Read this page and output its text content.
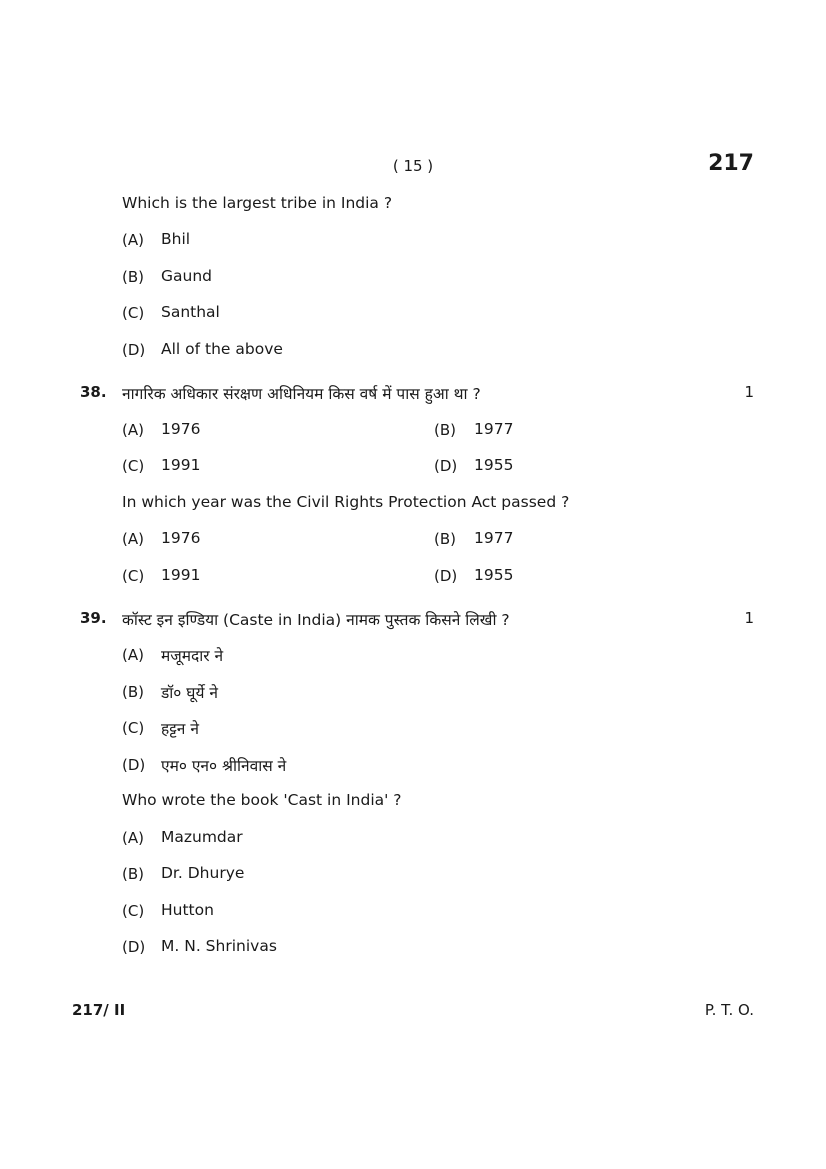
( 15 )	217
Which is the largest tribe in India ?
(A) Bhil
(B) Gaund
(C) Santhal
(D) All of the above
38. नागरिक अधिकार संरक्षण अधिनियम किस वर्ष में पास हुआ था ?	1
(A) 1976	(B) 1977
(C) 1991	(D) 1955
In which year was the Civil Rights Protection Act passed ?
(A) 1976	(B) 1977
(C) 1991	(D) 1955
39. कॉस्ट इन इण्डिया (Caste in India) नामक पुस्तक किसने लिखी ?	1
(A) मजूमदार ने
(B) डॉ० घूर्ये ने
(C) हट्टन ने
(D) एम० एन० श्रीनिवास ने
Who wrote the book 'Cast in India' ?
(A) Mazumdar
(B) Dr. Dhurye
(C) Hutton
(D) M. N. Shrinivas
217/ II	P. T. O.
